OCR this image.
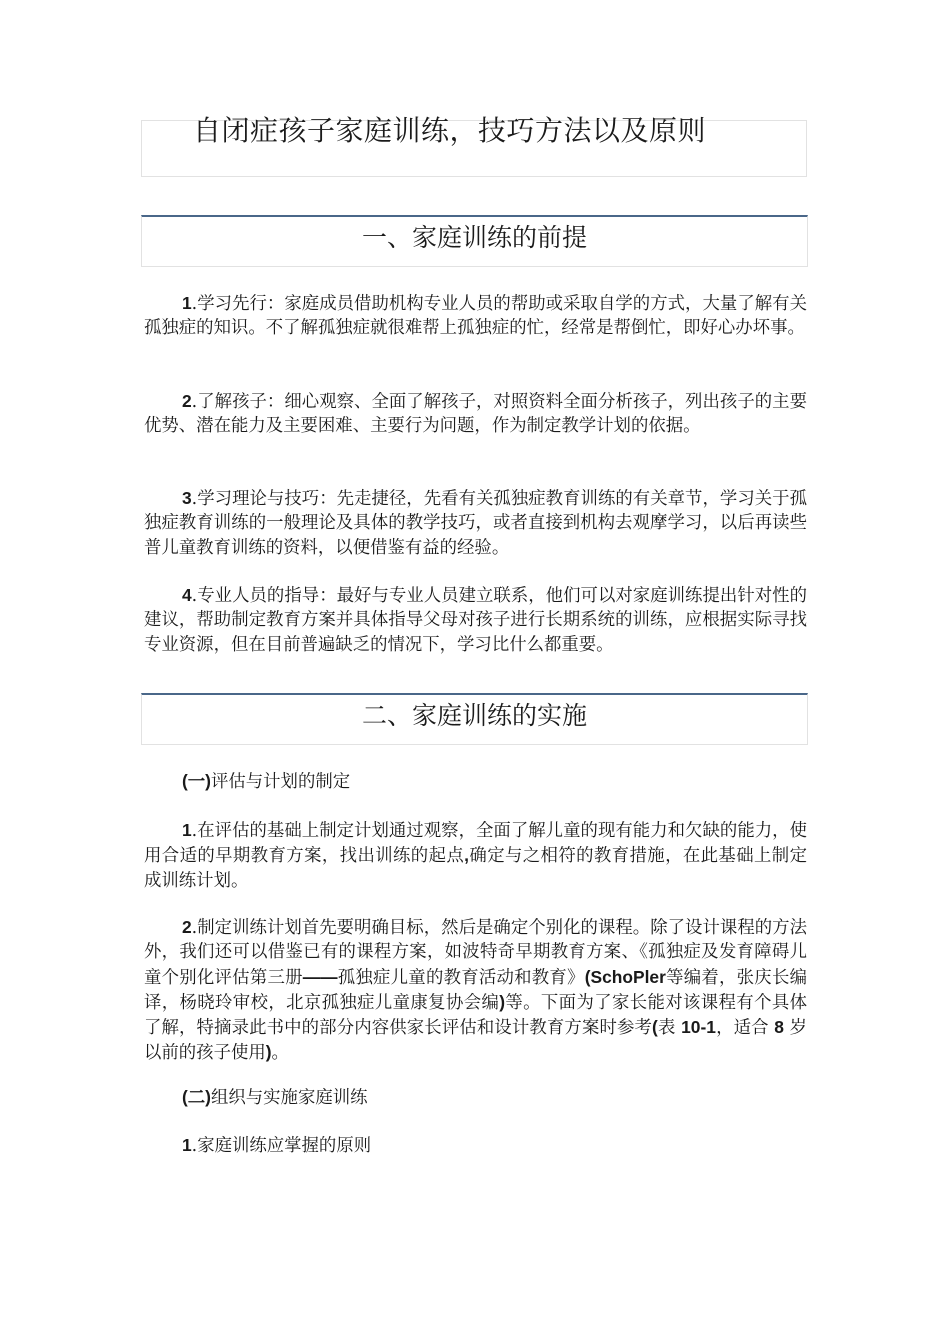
自闭症孩子家庭训练，技巧方法以及原则
一、家庭训练的前提

1.学习先行：家庭成员借助机构专业人员的帮助或采取自学的方式，大量了解有关孤独症的知识。不了解孤独症就很难帮上孤独症的忙，经常是帮倒忙，即好心办坏事。

2.了解孩子：细心观察、全面了解孩子，对照资料全面分析孩子，列出孩子的主要优势、潜在能力及主要困难、主要行为问题，作为制定教学计划的依据。

3.学习理论与技巧：先走捷径，先看有关孤独症教育训练的有关章节，学习关于孤独症教育训练的一般理论及具体的教学技巧，或者直接到机构去观摩学习，以后再读些普儿童教育训练的资料，以便借鉴有益的经验。

4.专业人员的指导：最好与专业人员建立联系，他们可以对家庭训练提出针对性的建议，帮助制定教育方案并具体指导父母对孩子进行长期系统的训练，应根据实际寻找专业资源，但在目前普遍缺乏的情况下，学习比什么都重要。

二、家庭训练的实施

(一)评估与计划的制定

1.在评估的基础上制定计划通过观察，全面了解儿童的现有能力和欠缺的能力，使用合适的早期教育方案，找出训练的起点,确定与之相符的教育措施，在此基础上制定成训练计划。

2.制定训练计划首先要明确目标，然后是确定个别化的课程。除了设计课程的方法外，我们还可以借鉴已有的课程方案，如波特奇早期教育方案、《孤独症及发育障碍儿童个别化评估第三册——孤独症儿童的教育活动和教育》(SchoPler等编着，张庆长编译，杨晓玲审校，北京孤独症儿童康复协会编)等。下面为了家长能对该课程有个具体了解，特摘录此书中的部分内容供家长评估和设计教育方案时参考(表 10-1，适合 8 岁以前的孩子使用)。

(二)组织与实施家庭训练

1.家庭训练应掌握的原则
